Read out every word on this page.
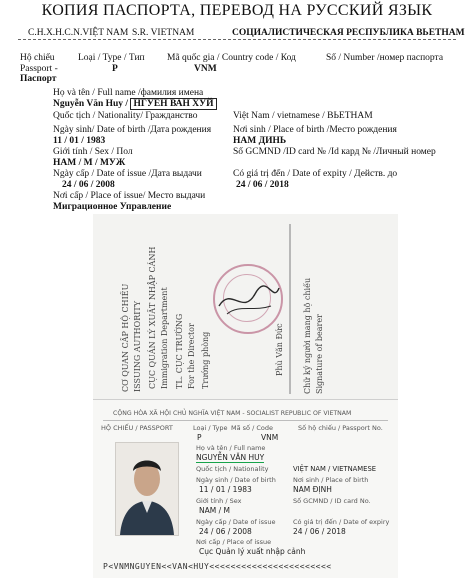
КОПИЯ ПАСПОРТА, ПЕРЕВОД НА РУССКИЙ ЯЗЫК
C.H.X.H.C.N.VIỆT NAM S.R. VIETNAM	СОЦИАЛИСТИЧЕСКАЯ РЕСПУБЛИКА ВЬЕТНАМ
Hộ chiếu
Passport -
Паспорт
Loại / Type / Тип
P
Mã quốc gia / Country code / Код
VNM
Số / Number /номер паспорта
Họ và tên / Full name /фамилия имена
Nguyễn Văn Huy / НГУЕН ВАН ХУЙ
Quốc tịch / Nationality/ Гражданство	Việt Nam / vietnamese / ВЬЕТНАМ
Ngày sinh/ Date of birth /Дата рождения
11 / 01 / 1983
Nơi sinh / Place of birth /Место рождения
НАМ ДИНЬ
Giới tính / Sex / Пол
НАМ / М / МУЖ
Số GCMND /ID card № /Id кард № /Личный номер
Ngày cấp / Date of issue /Дата выдачи
24 / 06 / 2008
Có giá trị đến / Date of expity / Действ. до
24 / 06 / 2018
Nơi cấp / Place of issue/ Место выдачи
Миграционное Управление
CƠ QUAN CẤP HỘ CHIẾU ISSUING AUTHORITY CỤC QUẢN LÝ XUẤT NHẬP CẢNH Immigration Department TL. CỤC TRƯỞNG For the Director Trưởng phòng	Phù Văn Đức Chữ ký người mang hộ chiếu Signature of bearer
CỘNG HÒA XÃ HỘI CHỦ NGHĨA VIỆT NAM - SOCIALIST REPUBLIC OF VIETNAM
HỘ CHIẾU / PASSPORT	Loại / Type
P
Mã số / Code
VNM
Số hộ chiếu / Passport No.
Họ và tên / Full name
NGUYỄN VĂN HUY
Quốc tịch / Nationality	VIỆT NAM / VIETNAMESE
Ngày sinh / Date of birth
11 / 01 / 1983
Nơi sinh / Place of birth
NAM ĐỊNH
Giới tính / Sex
NAM / M
Số GCMND / ID card No.
Ngày cấp / Date of issue
24 / 06 / 2008
Có giá trị đến / Date of expiry
24 / 06 / 2018
Nơi cấp / Place of issue
Cục Quản lý xuất nhập cảnh
P<VNMNGUYEN<<VAN<HUY<<<<<<<<<<<<<<<<<<<<<<<
